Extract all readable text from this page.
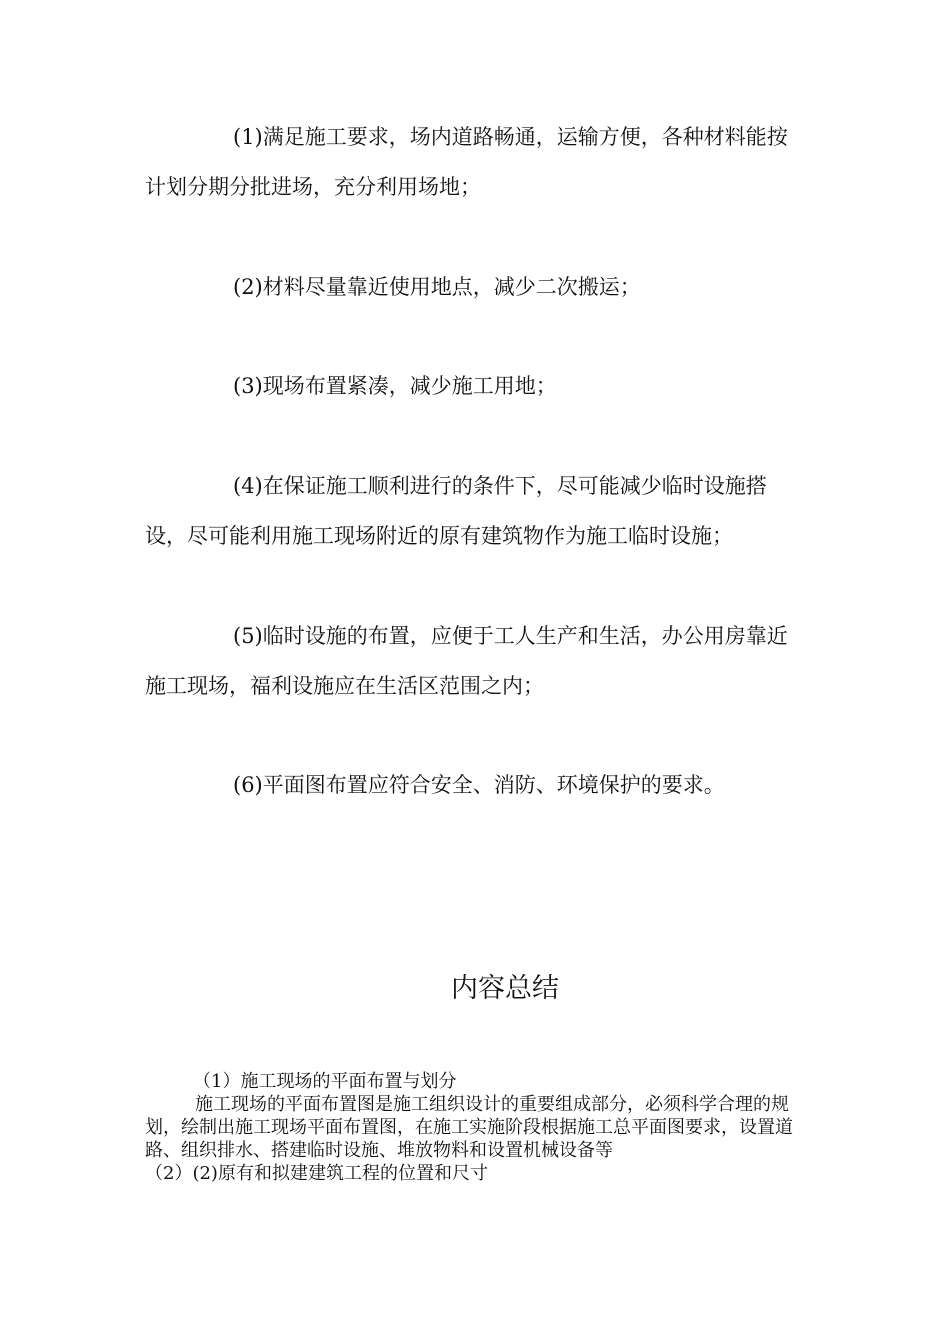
(1)满足施工要求，场内道路畅通，运输方便，各种材料能按计划分期分批进场，充分利用场地；

(2)材料尽量靠近使用地点，减少二次搬运；

(3)现场布置紧凑，减少施工用地；

(4)在保证施工顺利进行的条件下，尽可能减少临时设施搭设，尽可能利用施工现场附近的原有建筑物作为施工临时设施；

(5)临时设施的布置，应便于工人生产和生活，办公用房靠近施工现场，福利设施应在生活区范围之内；

(6)平面图布置应符合安全、消防、环境保护的要求。

内容总结

（1）施工现场的平面布置与划分

施工现场的平面布置图是施工组织设计的重要组成部分，必须科学合理的规划，绘制出施工现场平面布置图，在施工实施阶段根据施工总平面图要求，设置道路、组织排水、搭建临时设施、堆放物料和设置机械设备等

（2）(2)原有和拟建建筑工程的位置和尺寸
